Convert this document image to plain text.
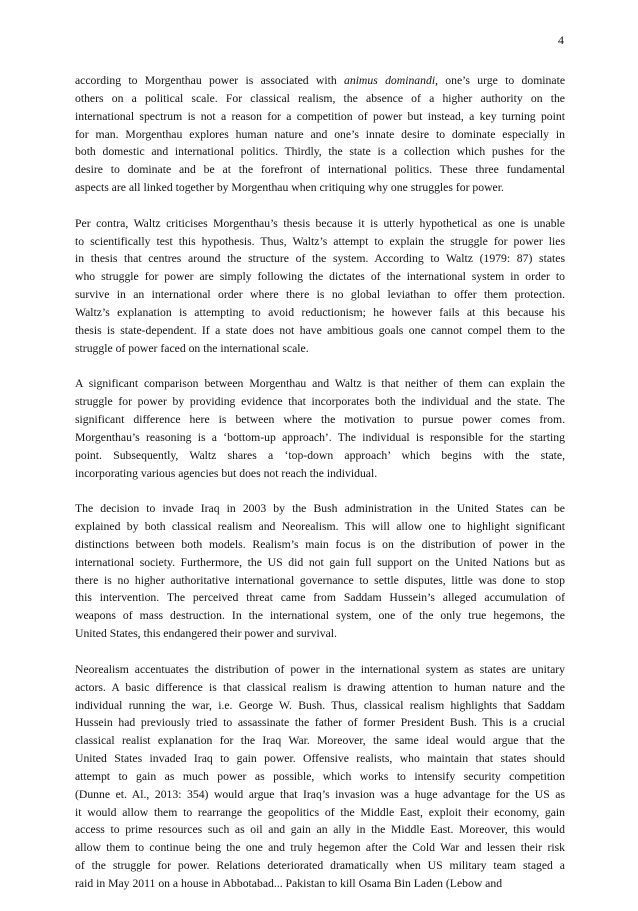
4
according to Morgenthau power is associated with animus dominandi, one’s urge to dominate
others on a political scale. For classical realism, the absence of a higher authority on the
international spectrum is not a reason for a competition of power but instead, a key turning point
for man. Morgenthau explores human nature and one’s innate desire to dominate especially in
both domestic and international politics. Thirdly, the state is a collection which pushes for the
desire to dominate and be at the forefront of international politics. These three fundamental
aspects are all linked together by Morgenthau when critiquing why one struggles for power.
Per contra, Waltz criticises Morgenthau’s thesis because it is utterly hypothetical as one is unable
to scientifically test this hypothesis. Thus, Waltz’s attempt to explain the struggle for power lies
in thesis that centres around the structure of the system. According to Waltz (1979: 87) states
who struggle for power are simply following the dictates of the international system in order to
survive in an international order where there is no global leviathan to offer them protection.
Waltz’s explanation is attempting to avoid reductionism; he however fails at this because his
thesis is state-dependent. If a state does not have ambitious goals one cannot compel them to the
struggle of power faced on the international scale.
A significant comparison between Morgenthau and Waltz is that neither of them can explain the
struggle for power by providing evidence that incorporates both the individual and the state. The
significant difference here is between where the motivation to pursue power comes from.
Morgenthau’s reasoning is a ‘bottom-up approach’. The individual is responsible for the starting
point. Subsequently, Waltz shares a ‘top-down approach’ which begins with the state,
incorporating various agencies but does not reach the individual.
The decision to invade Iraq in 2003 by the Bush administration in the United States can be
explained by both classical realism and Neorealism. This will allow one to highlight significant
distinctions between both models. Realism’s main focus is on the distribution of power in the
international society. Furthermore, the US did not gain full support on the United Nations but as
there is no higher authoritative international governance to settle disputes, little was done to stop
this intervention. The perceived threat came from Saddam Hussein’s alleged accumulation of
weapons of mass destruction. In the international system, one of the only true hegemons, the
United States, this endangered their power and survival.
Neorealism accentuates the distribution of power in the international system as states are unitary
actors. A basic difference is that classical realism is drawing attention to human nature and the
individual running the war, i.e. George W. Bush. Thus, classical realism highlights that Saddam
Hussein had previously tried to assassinate the father of former President Bush. This is a crucial
classical realist explanation for the Iraq War. Moreover, the same ideal would argue that the
United States invaded Iraq to gain power. Offensive realists, who maintain that states should
attempt to gain as much power as possible, which works to intensify security competition
(Dunne et. Al., 2013: 354) would argue that Iraq’s invasion was a huge advantage for the US as
it would allow them to rearrange the geopolitics of the Middle East, exploit their economy, gain
access to prime resources such as oil and gain an ally in the Middle East. Moreover, this would
allow them to continue being the one and truly hegemon after the Cold War and lessen their risk
of the struggle for power. Relations deteriorated dramatically when US military team staged a
raid in May 2011 on a house in Abbotabad... Pakistan to kill Osama Bin Laden (Lebow and
